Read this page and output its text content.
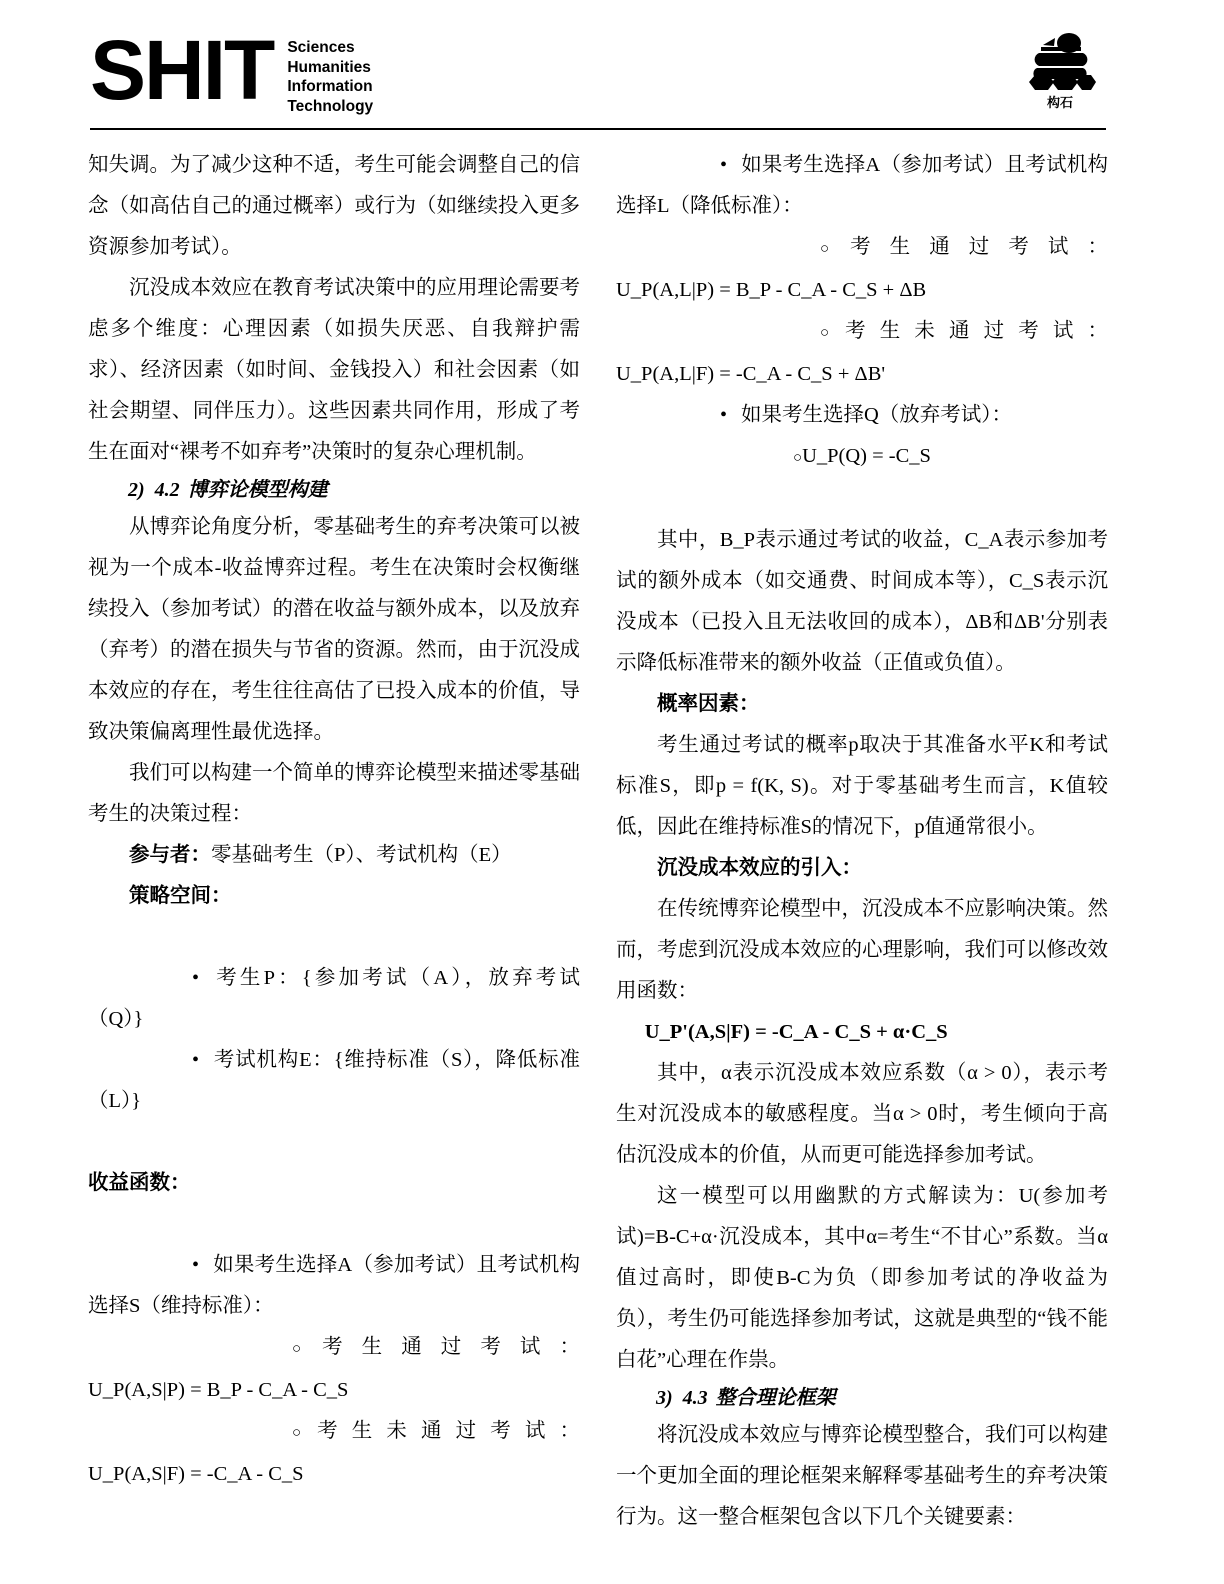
SHIT Sciences
Humanities
Information
Technology	构石

知失调。为了减少这种不适，考生可能会调整自己的信念（如高估自己的通过概率）或行为（如继续投入更多资源参加考试）。

沉没成本效应在教育考试决策中的应用理论需要考虑多个维度：心理因素（如损失厌恶、自我辩护需求）、经济因素（如时间、金钱投入）和社会因素（如社会期望、同伴压力）。这些因素共同作用，形成了考生在面对“裸考不如弃考”决策时的复杂心理机制。

2) 4.2 博弈论模型构建

从博弈论角度分析，零基础考生的弃考决策可以被视为一个成本-收益博弈过程。考生在决策时会权衡继续投入（参加考试）的潜在收益与额外成本，以及放弃（弃考）的潜在损失与节省的资源。然而，由于沉没成本效应的存在，考生往往高估了已投入成本的价值，导致决策偏离理性最优选择。

我们可以构建一个简单的博弈论模型来描述零基础考生的决策过程：

参与者：零基础考生（P）、考试机构（E）

策略空间：

•考生P：{参加考试（A），放弃考试（Q）}
•考试机构E：{维持标准（S），降低标准（L）}

收益函数：

•如果考生选择A（参加考试）且考试机构选择S（维持标准）：
○考生通过考试：U_P(A,S|P) = B_P - C_A - C_S
○考生未通过考试：U_P(A,S|F) = -C_A - C_S
•如果考生选择A（参加考试）且考试机构选择L（降低标准）：
○考生通过考试：U_P(A,L|P) = B_P - C_A - C_S + ΔB
○考生未通过考试：U_P(A,L|F) = -C_A - C_S + ΔB'
•如果考生选择Q（放弃考试）：
○U_P(Q) = -C_S

其中，B_P表示通过考试的收益，C_A表示参加考试的额外成本（如交通费、时间成本等），C_S表示沉没成本（已投入且无法收回的成本），ΔB和ΔB'分别表示降低标准带来的额外收益（正值或负值）。

概率因素：

考生通过考试的概率p取决于其准备水平K和考试标准S，即p = f(K, S)。对于零基础考生而言，K值较低，因此在维持标准S的情况下，p值通常很小。

沉没成本效应的引入：

在传统博弈论模型中，沉没成本不应影响决策。然而，考虑到沉没成本效应的心理影响，我们可以修改效用函数：

U_P'(A,S|F) = -C_A - C_S + α·C_S

其中，α表示沉没成本效应系数（α > 0），表示考生对沉没成本的敏感程度。当α > 0时，考生倾向于高估沉没成本的价值，从而更可能选择参加考试。

这一模型可以用幽默的方式解读为：U(参加考试)=B-C+α·沉没成本，其中α=考生“不甘心”系数。当α值过高时，即使B-C为负（即参加考试的净收益为负），考生仍可能选择参加考试，这就是典型的“钱不能白花”心理在作祟。

3) 4.3 整合理论框架

将沉没成本效应与博弈论模型整合，我们可以构建一个更加全面的理论框架来解释零基础考生的弃考决策行为。这一整合框架包含以下几个关键要素：
